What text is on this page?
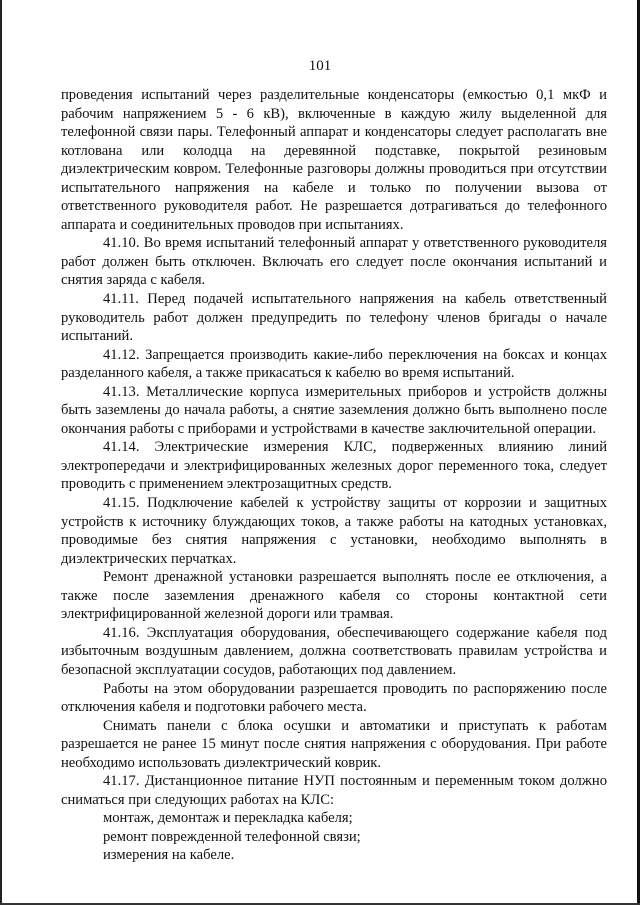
101

проведения испытаний через разделительные конденсаторы (емкостью 0,1 мкФ и рабочим напряжением 5 - 6 кВ), включенные в каждую жилу выделенной для телефонной связи пары. Телефонный аппарат и конденсаторы следует располагать вне котлована или колодца на деревянной подставке, покрытой резиновым диэлектрическим ковром. Телефонные разговоры должны проводиться при отсутствии испытательного напряжения на кабеле и только по получении вызова от ответственного руководителя работ. Не разрешается дотрагиваться до телефонного аппарата и соединительных проводов при испытаниях.

41.10. Во время испытаний телефонный аппарат у ответственного руководителя работ должен быть отключен. Включать его следует после окончания испытаний и снятия заряда с кабеля.

41.11. Перед подачей испытательного напряжения на кабель ответственный руководитель работ должен предупредить по телефону членов бригады о начале испытаний.

41.12. Запрещается производить какие-либо переключения на боксах и концах разделанного кабеля, а также прикасаться к кабелю во время испытаний.

41.13. Металлические корпуса измерительных приборов и устройств должны быть заземлены до начала работы, а снятие заземления должно быть выполнено после окончания работы с приборами и устройствами в качестве заключительной операции.

41.14. Электрические измерения КЛС, подверженных влиянию линий электропередачи и электрифицированных железных дорог переменного тока, следует проводить с применением электрозащитных средств.

41.15. Подключение кабелей к устройству защиты от коррозии и защитных устройств к источнику блуждающих токов, а также работы на катодных установках, проводимые без снятия напряжения с установки, необходимо выполнять в диэлектрических перчатках.

Ремонт дренажной установки разрешается выполнять после ее отключения, а также после заземления дренажного кабеля со стороны контактной сети электрифицированной железной дороги или трамвая.

41.16. Эксплуатация оборудования, обеспечивающего содержание кабеля под избыточным воздушным давлением, должна соответствовать правилам устройства и безопасной эксплуатации сосудов, работающих под давлением.

Работы на этом оборудовании разрешается проводить по распоряжению после отключения кабеля и подготовки рабочего места.

Снимать панели с блока осушки и автоматики и приступать к работам разрешается не ранее 15 минут после снятия напряжения с оборудования. При работе необходимо использовать диэлектрический коврик.

41.17. Дистанционное питание НУП постоянным и переменным током должно сниматься при следующих работах на КЛС:

монтаж, демонтаж и перекладка кабеля;

ремонт поврежденной телефонной связи;

измерения на кабеле.
